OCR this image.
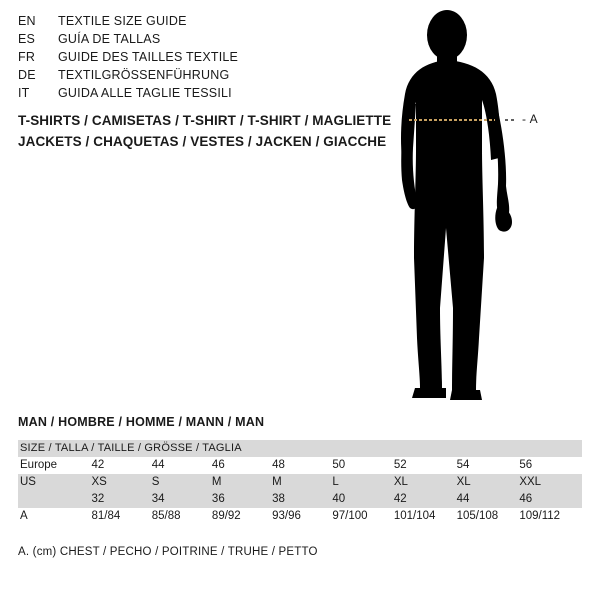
EN	TEXTILE SIZE GUIDE
ES	GUÍA DE TALLAS
FR	GUIDE DES TAILLES TEXTILE
DE	TEXTILGRÖSSENFÜHRUNG
IT	GUIDA ALLE TAGLIE TESSILI
T-SHIRTS / CAMISETAS / T-SHIRT / T-SHIRT / MAGLIETTE
JACKETS / CHAQUETAS / VESTES / JACKEN / GIACCHE
- A
MAN / HOMBRE / HOMME / MANN / MAN
SIZE / TALLA / TAILLE / GRÖSSE / TAGLIA								
Europe	42	44	46	48	50	52	54	56
US	XS	S	M	M	L	XL	XL	XXL
	32	34	36	38	40	42	44	46
A	81/84	85/88	89/92	93/96	97/100	101/104	105/108	109/112
A. (cm) CHEST / PECHO / POITRINE / TRUHE / PETTO
